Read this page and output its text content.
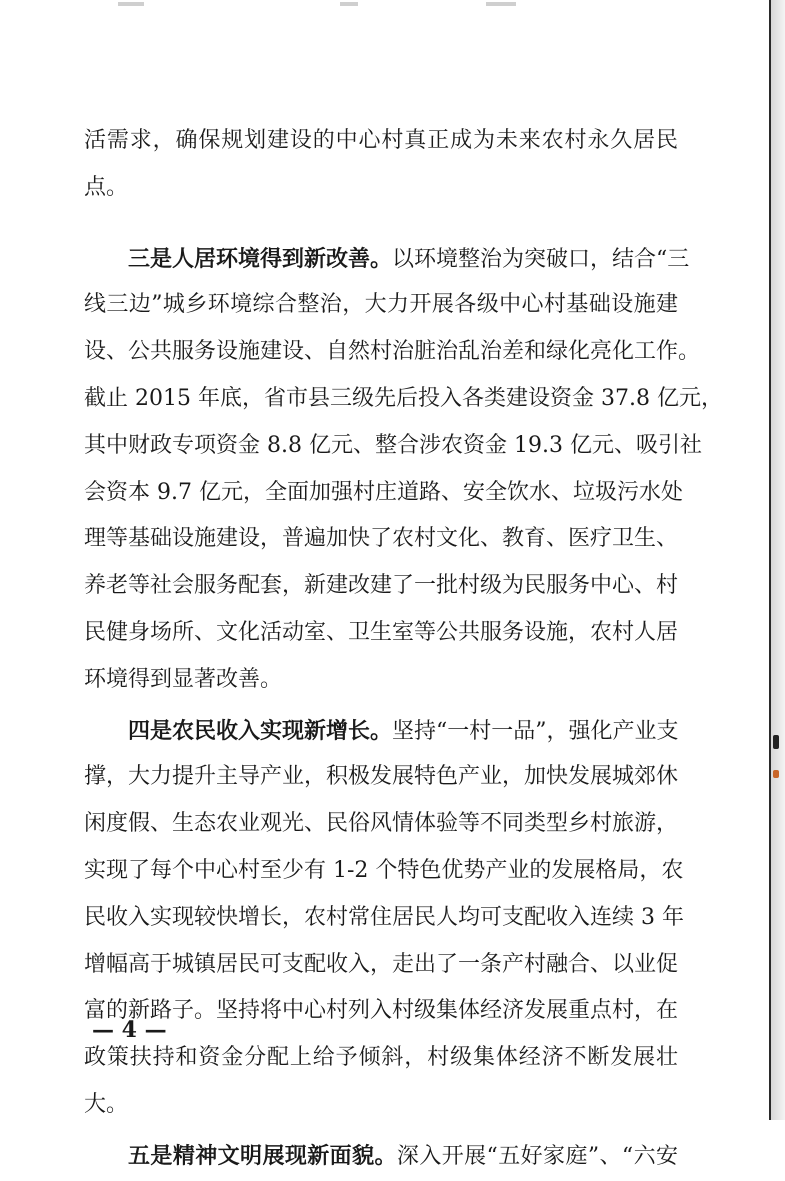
活需求，确保规划建设的中心村真正成为未来农村永久居民
点。
三是人居环境得到新改善。以环境整治为突破口，结合“三
线三边”城乡环境综合整治，大力开展各级中心村基础设施建
设、公共服务设施建设、自然村治脏治乱治差和绿化亮化工作。
截止 2015 年底，省市县三级先后投入各类建设资金 37.8 亿元，
其中财政专项资金 8.8 亿元、整合涉农资金 19.3 亿元、吸引社
会资本 9.7 亿元，全面加强村庄道路、安全饮水、垃圾污水处
理等基础设施建设，普遍加快了农村文化、教育、医疗卫生、
养老等社会服务配套，新建改建了一批村级为民服务中心、村
民健身场所、文化活动室、卫生室等公共服务设施，农村人居
环境得到显著改善。
四是农民收入实现新增长。坚持“一村一品”，强化产业支
撑，大力提升主导产业，积极发展特色产业，加快发展城郊休
闲度假、生态农业观光、民俗风情体验等不同类型乡村旅游，
实现了每个中心村至少有 1-2 个特色优势产业的发展格局，农
民收入实现较快增长，农村常住居民人均可支配收入连续 3 年
增幅高于城镇居民可支配收入，走出了一条产村融合、以业促
富的新路子。坚持将中心村列入村级集体经济发展重点村，在
政策扶持和资金分配上给予倾斜，村级集体经济不断发展壮
大。
五是精神文明展现新面貌。深入开展“五好家庭”、“六安
— 4 —
